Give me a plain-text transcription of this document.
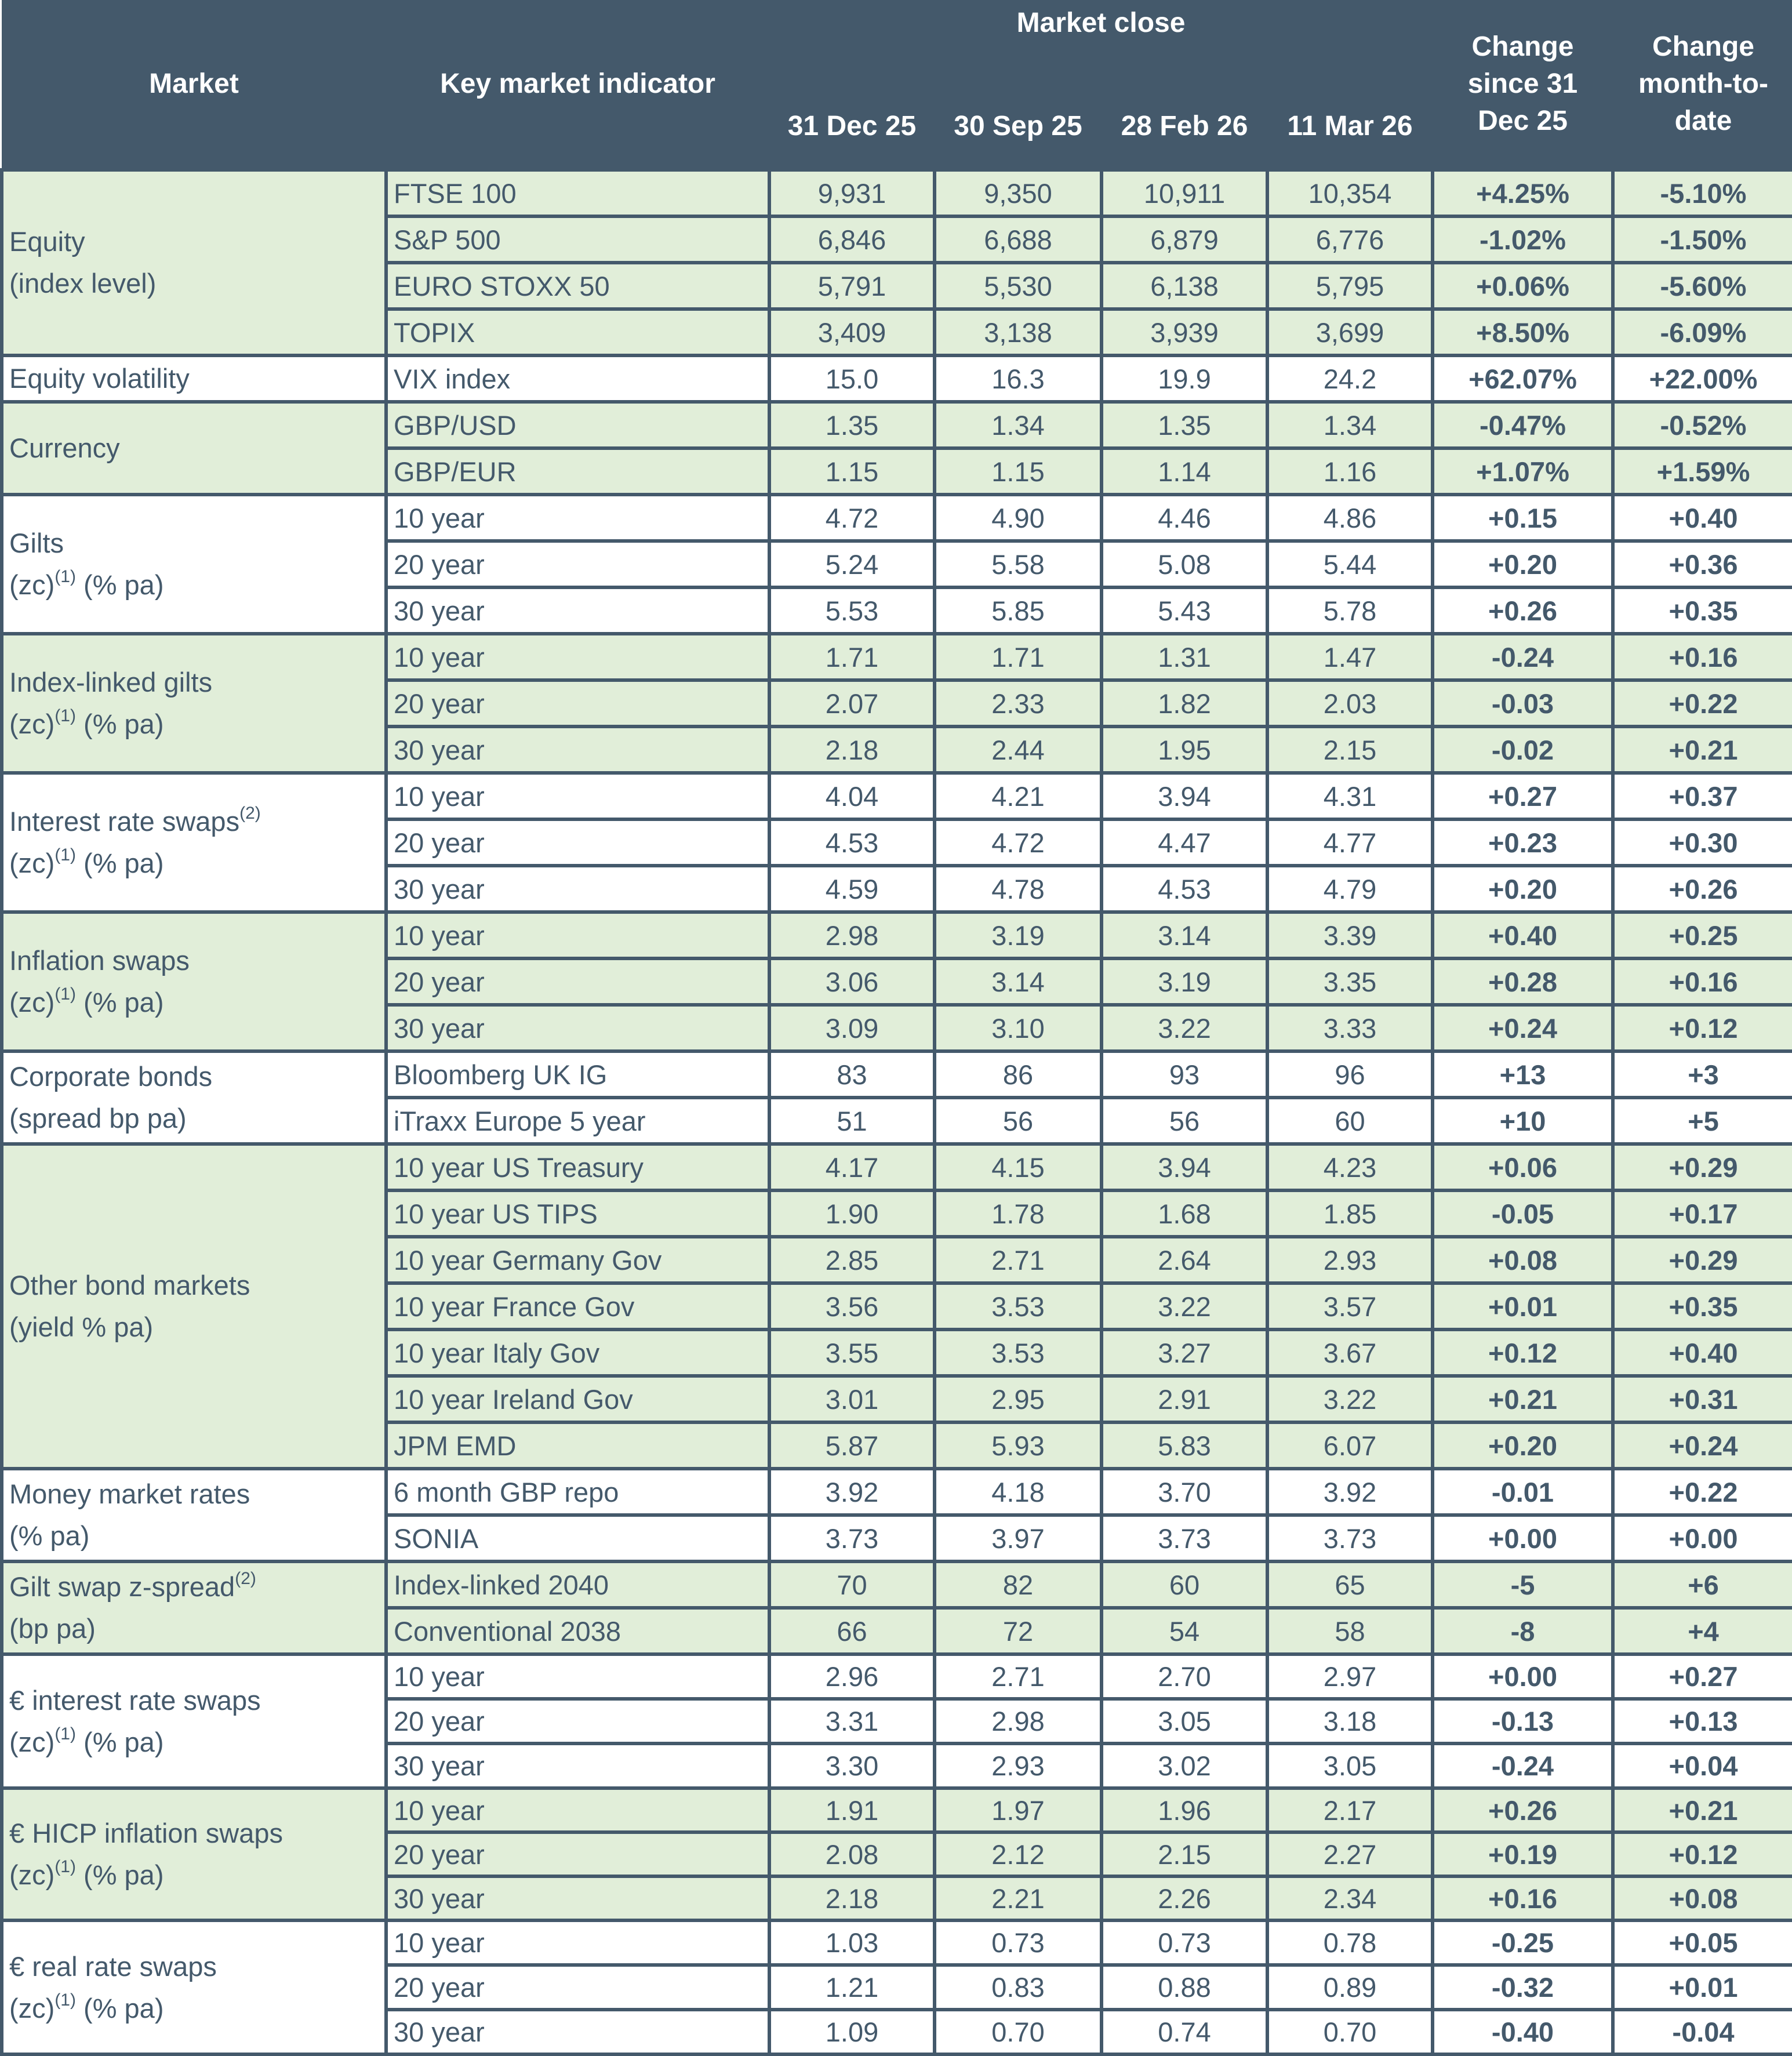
Market	Key market indicator	Market close				Change since 31 Dec 25	Change month-to-date
		31 Dec 25	30 Sep 25	28 Feb 26	11 Mar 26		
Equity
(index level)	FTSE 100	9,931	9,350	10,911	10,354	+4.25%	-5.10%
	S&P 500	6,846	6,688	6,879	6,776	-1.02%	-1.50%
	EURO STOXX 50	5,791	5,530	6,138	5,795	+0.06%	-5.60%
	TOPIX	3,409	3,138	3,939	3,699	+8.50%	-6.09%
Equity volatility	VIX index	15.0	16.3	19.9	24.2	+62.07%	+22.00%
Currency	GBP/USD	1.35	1.34	1.35	1.34	-0.47%	-0.52%
	GBP/EUR	1.15	1.15	1.14	1.16	+1.07%	+1.59%
Gilts
(zc)$^{(1)}$ (% pa)	10 year	4.72	4.90	4.46	4.86	+0.15	+0.40
	20 year	5.24	5.58	5.08	5.44	+0.20	+0.36
	30 year	5.53	5.85	5.43	5.78	+0.26	+0.35
Index-linked gilts
(zc)$^{(1)}$ (% pa)	10 year	1.71	1.71	1.31	1.47	-0.24	+0.16
	20 year	2.07	2.33	1.82	2.03	-0.03	+0.22
	30 year	2.18	2.44	1.95	2.15	-0.02	+0.21
Interest rate swaps$^{(2)}$
(zc)$^{(1)}$ (% pa)	10 year	4.04	4.21	3.94	4.31	+0.27	+0.37
	20 year	4.53	4.72	4.47	4.77	+0.23	+0.30
	30 year	4.59	4.78	4.53	4.79	+0.20	+0.26
Inflation swaps
(zc)$^{(1)}$ (% pa)	10 year	2.98	3.19	3.14	3.39	+0.40	+0.25
	20 year	3.06	3.14	3.19	3.35	+0.28	+0.16
	30 year	3.09	3.10	3.22	3.33	+0.24	+0.12
Corporate bonds
(spread bp pa)	Bloomberg UK IG	83	86	93	96	+13	+3
	iTraxx Europe 5 year	51	56	56	60	+10	+5
Other bond markets
(yield % pa)	10 year US Treasury	4.17	4.15	3.94	4.23	+0.06	+0.29
	10 year US TIPS	1.90	1.78	1.68	1.85	-0.05	+0.17
	10 year Germany Gov	2.85	2.71	2.64	2.93	+0.08	+0.29
	10 year France Gov	3.56	3.53	3.22	3.57	+0.01	+0.35
	10 year Italy Gov	3.55	3.53	3.27	3.67	+0.12	+0.40
	10 year Ireland Gov	3.01	2.95	2.91	3.22	+0.21	+0.31
	JPM EMD	5.87	5.93	5.83	6.07	+0.20	+0.24
Money market rates
(% pa)	6 month GBP repo	3.92	4.18	3.70	3.92	-0.01	+0.22
	SONIA	3.73	3.97	3.73	3.73	+0.00	+0.00
Gilt swap z-spread$^{(2)}$
(bp pa)	Index-linked 2040	70	82	60	65	-5	+6
	Conventional 2038	66	72	54	58	-8	+4
€ interest rate swaps
(zc)$^{(1)}$ (% pa)	10 year	2.96	2.71	2.70	2.97	+0.00	+0.27
	20 year	3.31	2.98	3.05	3.18	-0.13	+0.13
	30 year	3.30	2.93	3.02	3.05	-0.24	+0.04
€ HICP inflation swaps
(zc)$^{(1)}$ (% pa)	10 year	1.91	1.97	1.96	2.17	+0.26	+0.21
	20 year	2.08	2.12	2.15	2.27	+0.19	+0.12
	30 year	2.18	2.21	2.26	2.34	+0.16	+0.08
€ real rate swaps
(zc)$^{(1)}$ (% pa)	10 year	1.03	0.73	0.73	0.78	-0.25	+0.05
	20 year	1.21	0.83	0.88	0.89	-0.32	+0.01
	30 year	1.09	0.70	0.74	0.70	-0.40	-0.04
